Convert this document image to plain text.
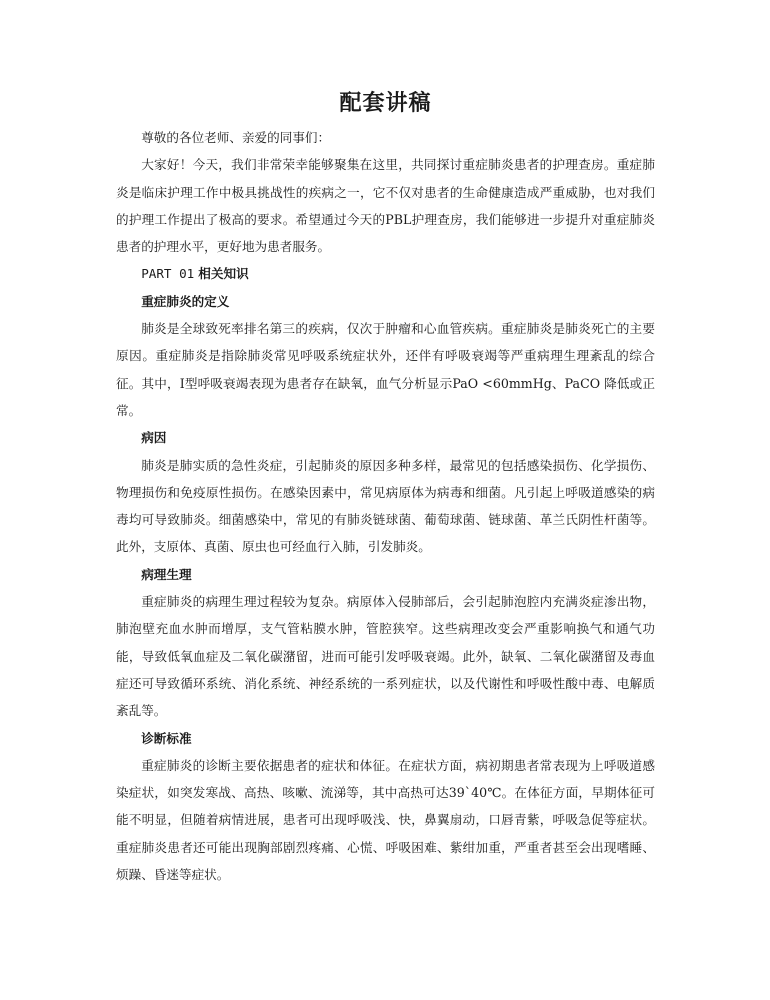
配套讲稿

尊敬的各位老师、亲爱的同事们：

大家好！今天，我们非常荣幸能够聚集在这里，共同探讨重症肺炎患者的护理查房。重症肺炎是临床护理工作中极具挑战性的疾病之一，它不仅对患者的生命健康造成严重威胁，也对我们的护理工作提出了极高的要求。希望通过今天的PBL护理查房，我们能够进一步提升对重症肺炎患者的护理水平，更好地为患者服务。

PART 01 相关知识

重症肺炎的定义

肺炎是全球致死率排名第三的疾病，仅次于肿瘤和心血管疾病。重症肺炎是肺炎死亡的主要原因。重症肺炎是指除肺炎常见呼吸系统症状外，还伴有呼吸衰竭等严重病理生理紊乱的综合征。其中，I型呼吸衰竭表现为患者存在缺氧，血气分析显示PaO <60mmHg、PaCO 降低或正常。

病因

肺炎是肺实质的急性炎症，引起肺炎的原因多种多样，最常见的包括感染损伤、化学损伤、物理损伤和免疫原性损伤。在感染因素中，常见病原体为病毒和细菌。凡引起上呼吸道感染的病毒均可导致肺炎。细菌感染中，常见的有肺炎链球菌、葡萄球菌、链球菌、革兰氏阴性杆菌等。此外，支原体、真菌、原虫也可经血行入肺，引发肺炎。

病理生理

重症肺炎的病理生理过程较为复杂。病原体入侵肺部后，会引起肺泡腔内充满炎症渗出物，肺泡壁充血水肿而增厚，支气管粘膜水肿，管腔狭窄。这些病理改变会严重影响换气和通气功能，导致低氧血症及二氧化碳潴留，进而可能引发呼吸衰竭。此外，缺氧、二氧化碳潴留及毒血症还可导致循环系统、消化系统、神经系统的一系列症状，以及代谢性和呼吸性酸中毒、电解质紊乱等。

诊断标准

重症肺炎的诊断主要依据患者的症状和体征。在症状方面，病初期患者常表现为上呼吸道感染症状，如突发寒战、高热、咳嗽、流涕等，其中高热可达39`40℃。在体征方面，早期体征可能不明显，但随着病情进展，患者可出现呼吸浅、快，鼻翼扇动，口唇青紫，呼吸急促等症状。重症肺炎患者还可能出现胸部剧烈疼痛、心慌、呼吸困难、紫绀加重，严重者甚至会出现嗜睡、烦躁、昏迷等症状。
